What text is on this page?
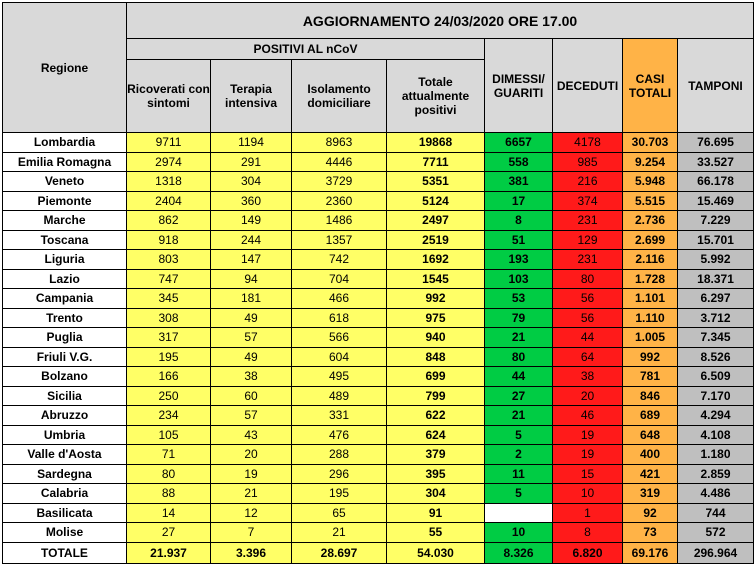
Regione	AGGIORNAMENTO 24/03/2020 ORE 17.00							
	POSITIVI AL nCoV				DIMESSI/ GUARITI	DECEDUTI	CASI TOTALI	TAMPONI
	Ricoverati con sintomi	Terapia intensiva	Isolamento domiciliare	Totale attualmente positivi				
Lombardia	9711	1194	8963	19868	6657	4178	30.703	76.695
Emilia Romagna	2974	291	4446	7711	558	985	9.254	33.527
Veneto	1318	304	3729	5351	381	216	5.948	66.178
Piemonte	2404	360	2360	5124	17	374	5.515	15.469
Marche	862	149	1486	2497	8	231	2.736	7.229
Toscana	918	244	1357	2519	51	129	2.699	15.701
Liguria	803	147	742	1692	193	231	2.116	5.992
Lazio	747	94	704	1545	103	80	1.728	18.371
Campania	345	181	466	992	53	56	1.101	6.297
Trento	308	49	618	975	79	56	1.110	3.712
Puglia	317	57	566	940	21	44	1.005	7.345
Friuli V.G.	195	49	604	848	80	64	992	8.526
Bolzano	166	38	495	699	44	38	781	6.509
Sicilia	250	60	489	799	27	20	846	7.170
Abruzzo	234	57	331	622	21	46	689	4.294
Umbria	105	43	476	624	5	19	648	4.108
Valle d'Aosta	71	20	288	379	2	19	400	1.180
Sardegna	80	19	296	395	11	15	421	2.859
Calabria	88	21	195	304	5	10	319	4.486
Basilicata	14	12	65	91		1	92	744
Molise	27	7	21	55	10	8	73	572
TOTALE	21.937	3.396	28.697	54.030	8.326	6.820	69.176	296.964
